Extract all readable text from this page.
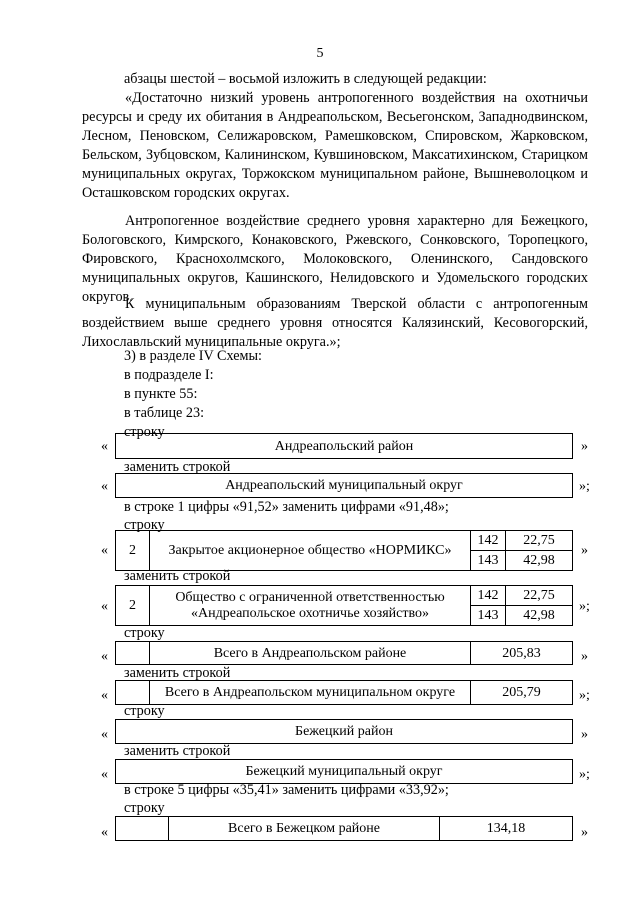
5
абзацы шестой – восьмой изложить в следующей редакции:
«Достаточно низкий уровень антропогенного воздействия на охотничьи ресурсы и среду их обитания в Андреапольском, Весьегонском, Западнодвинском, Лесном, Пеновском, Селижаровском, Рамешковском, Спировском, Жарковском, Бельском, Зубцовском, Калининском, Кувшиновском, Максатихинском, Старицком муниципальных округах, Торжокском муниципальном районе, Вышневолоцком и Осташковском городских округах.
Антропогенное воздействие среднего уровня характерно для Бежецкого, Бологовского, Кимрского, Конаковского, Ржевского, Сонковского, Торопецкого, Фировского, Краснохолмского, Молоковского, Оленинского, Сандовского муниципальных округов, Кашинского, Нелидовского и Удомельского городских округов.
К муниципальным образованиям Тверской области с антропогенным воздействием выше среднего уровня относятся Калязинский, Кесовогорский, Лихославльский муниципальные округа.»;
3) в разделе IV Схемы:
в подразделе I:
в пункте 55:
в таблице 23:
строку
«	Андреапольский район	»
заменить строкой
«	Андреапольский муниципальный округ	»;
в строке 1 цифры «91,52» заменить цифрами «91,48»;
строку
« 2	Закрытое акционерное общество «НОРМИКС»	142	22,75
		143	42,98
»
заменить строкой
« 2	Общество с ограниченной ответственностью
«Андреапольское охотничье хозяйство»	142	22,75
		143	42,98
»;
строку
«
		Всего в Андреапольском районе	205,83	»
заменить строкой
«
		Всего в Андреапольском муниципальном округе	205,79	»;
строку
«	Бежецкий район	»
заменить строкой
«	Бежецкий муниципальный округ	»;
в строке 5 цифры «35,41» заменить цифрами «33,92»;
строку
«
		Всего в Бежецком районе	134,18	»
